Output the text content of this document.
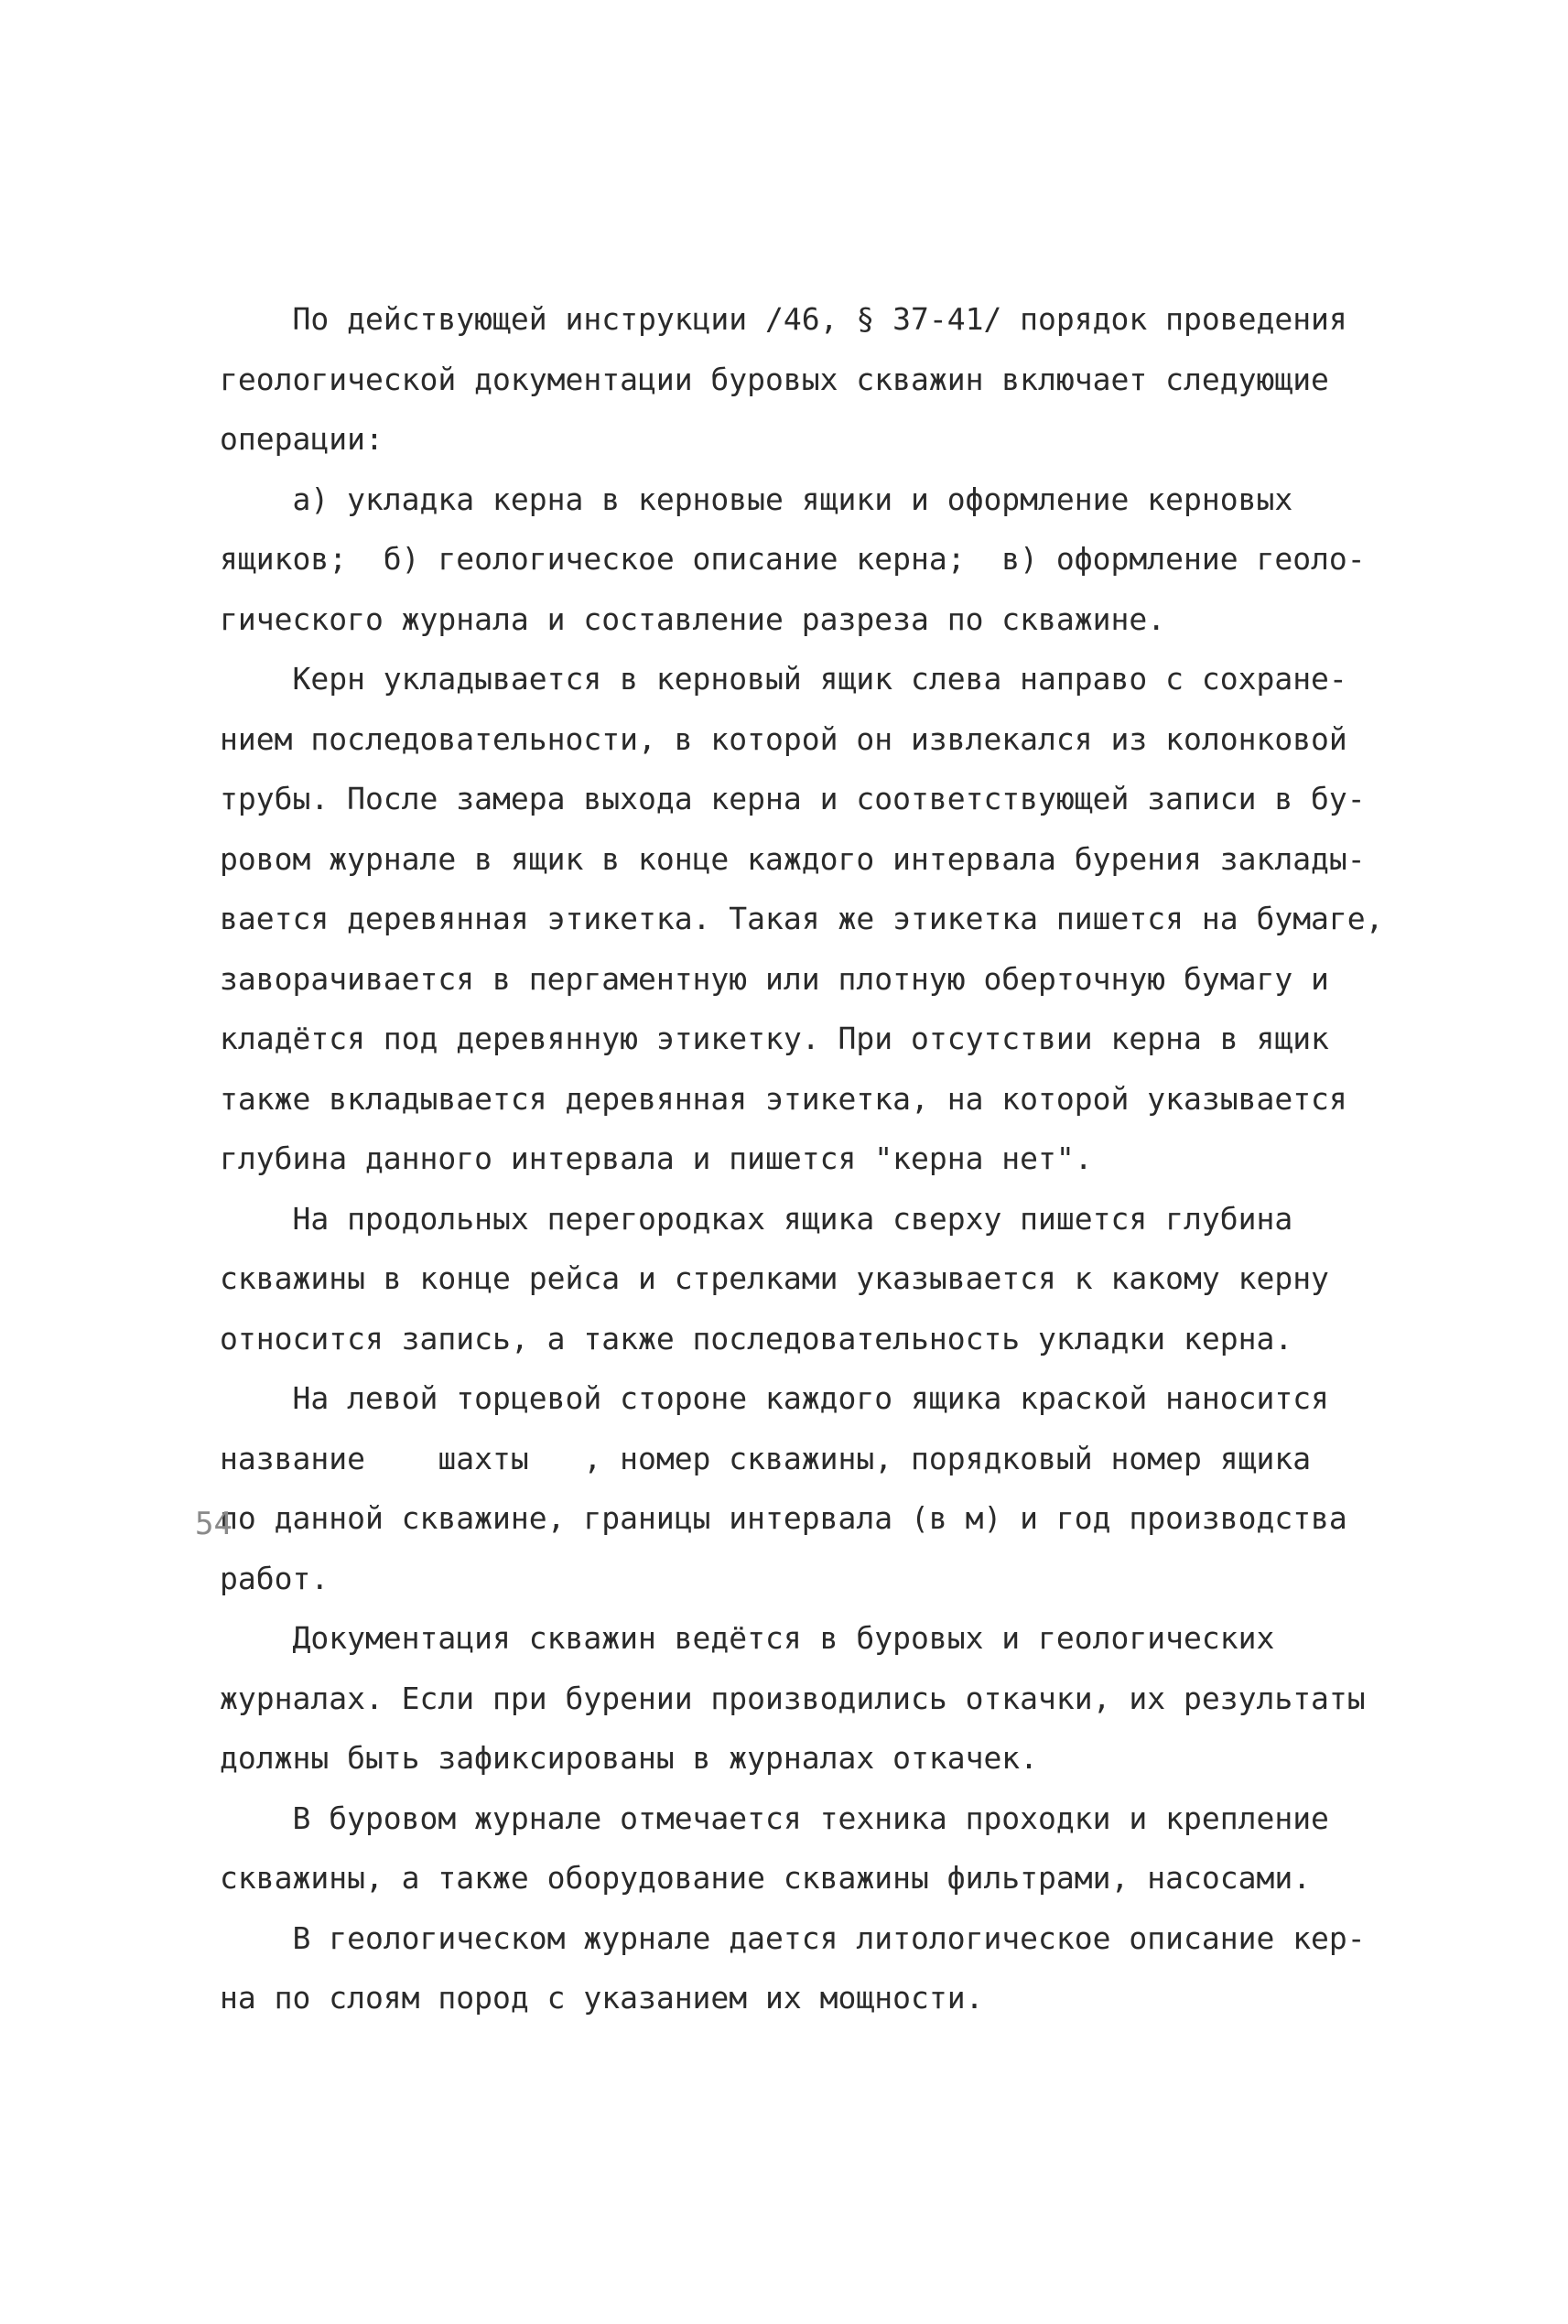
По действующей инструкции /46, § 37-41/ порядок проведения
геологической документации буровых скважин включает следующие
операции:
а) укладка керна в керновые ящики и оформление керновых
ящиков;  б) геологическое описание керна;  в) оформление геоло-
гического журнала и составление разреза по скважине.
Керн укладывается в керновый ящик слева направо с сохране-
нием последовательности, в которой он извлекался из колонковой
трубы. После замера выхода керна и соответствующей записи в бу-
ровом журнале в ящик в конце каждого интервала бурения заклады-
вается деревянная этикетка. Такая же этикетка пишется на бумаге,
заворачивается в пергаментную или плотную оберточную бумагу и
кладётся под деревянную этикетку. При отсутствии керна в ящик
также вкладывается деревянная этикетка, на которой указывается
глубина данного интервала и пишется "керна нет".
На продольных перегородках ящика сверху пишется глубина
скважины в конце рейса и стрелками указывается к какому керну
относится запись, а также последовательность укладки керна.
На левой торцевой стороне каждого ящика краской наносится
название    шахты   , номер скважины, порядковый номер ящика
по данной скважине, границы интервала (в м) и год производства
работ.
Документация скважин ведётся в буровых и геологических
журналах. Если при бурении производились откачки, их результаты
должны быть зафиксированы в журналах откачек.
В буровом журнале отмечается техника проходки и крепление
скважины, а также оборудование скважины фильтрами, насосами.
В геологическом журнале дается литологическое описание кер-
на по слоям пород с указанием их мощности.
54
